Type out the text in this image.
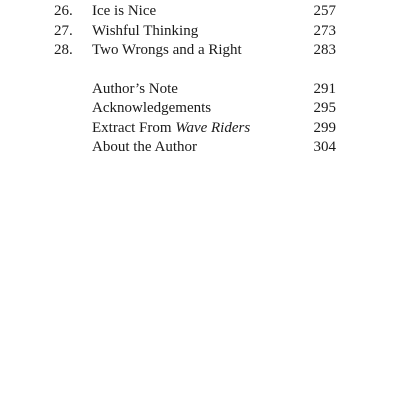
26.	Ice is Nice	257
27.	Wishful Thinking	273
28.	Two Wrongs and a Right	283
Author’s Note	291
Acknowledgements	295
Extract From Wave Riders	299
About the Author	304
